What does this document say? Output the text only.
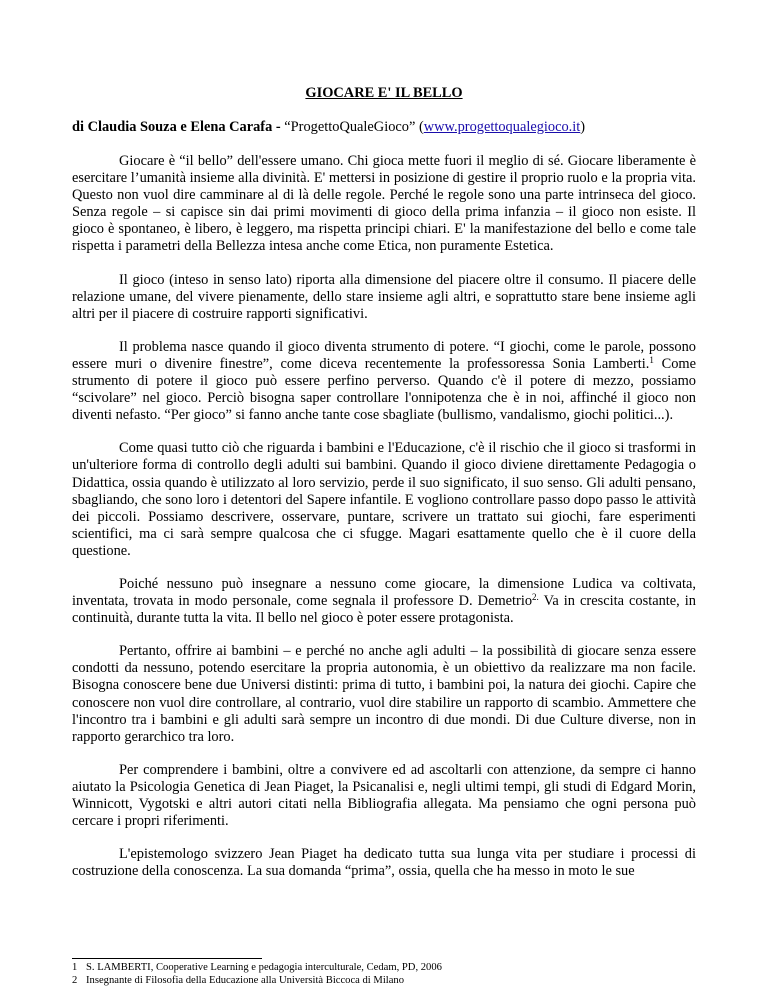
GIOCARE E' IL BELLO
di Claudia Souza e Elena Carafa - “ProgettoQualeGioco” (www.progettoqualegioco.it)

Giocare è “il bello” dell'essere umano. Chi gioca mette fuori il meglio di sé. Giocare liberamente è esercitare l’umanità insieme alla divinità. E' mettersi in posizione di gestire il proprio ruolo e la propria vita. Questo non vuol dire camminare al di là delle regole. Perché le regole sono una parte intrinseca del gioco. Senza regole – si capisce sin dai primi movimenti di gioco della prima infanzia – il gioco non esiste. Il gioco è spontaneo, è libero, è leggero, ma rispetta principi chiari. E' la manifestazione del bello e come tale rispetta i parametri della Bellezza intesa anche come Etica, non puramente Estetica.

Il gioco (inteso in senso lato) riporta alla dimensione del piacere oltre il consumo. Il piacere delle relazione umane, del vivere pienamente, dello stare insieme agli altri, e soprattutto stare bene insieme agli altri per il piacere di costruire rapporti significativi.

Il problema nasce quando il gioco diventa strumento di potere. “I giochi, come le parole, possono essere muri o divenire finestre”, come diceva recentemente la professoressa Sonia Lamberti.$^1$ Come strumento di potere il gioco può essere perfino perverso. Quando c'è il potere di mezzo, possiamo “scivolare” nel gioco. Perciò bisogna saper controllare l'onnipotenza che è in noi, affinché il gioco non diventi nefasto. “Per gioco” si fanno anche tante cose sbagliate (bullismo, vandalismo, giochi politici...).

Come quasi tutto ciò che riguarda i bambini e l'Educazione, c'è il rischio che il gioco si trasformi in un'ulteriore forma di controllo degli adulti sui bambini. Quando il gioco diviene direttamente Pedagogia o Didattica, ossia quando è utilizzato al loro servizio, perde il suo significato, il suo senso. Gli adulti pensano, sbagliando, che sono loro i detentori del Sapere infantile. E vogliono controllare passo dopo passo le attività dei piccoli. Possiamo descrivere, osservare, puntare, scrivere un trattato sui giochi, fare esperimenti scientifici, ma ci sarà sempre qualcosa che ci sfugge. Magari esattamente quello che è il cuore della questione.

Poiché nessuno può insegnare a nessuno come giocare, la dimensione Ludica va coltivata, inventata, trovata in modo personale, come segnala il professore D. Demetrio$^{2.}$ Va in crescita costante, in continuità, durante tutta la vita. Il bello nel gioco è poter essere protagonista.

Pertanto, offrire ai bambini – e perché no anche agli adulti – la possibilità di giocare senza essere condotti da nessuno, potendo esercitare la propria autonomia, è un obiettivo da realizzare ma non facile. Bisogna conoscere bene due Universi distinti: prima di tutto, i bambini poi, la natura dei giochi. Capire che conoscere non vuol dire controllare, al contrario, vuol dire stabilire un rapporto di scambio. Ammettere che l'incontro tra i bambini e gli adulti sarà sempre un incontro di due mondi. Di due Culture diverse, non in rapporto gerarchico tra loro.

Per comprendere i bambini, oltre a convivere ed ad ascoltarli con attenzione, da sempre ci hanno aiutato la Psicologia Genetica di Jean Piaget, la Psicanalisi e, negli ultimi tempi, gli studi di Edgard Morin, Winnicott, Vygotski e altri autori citati nella Bibliografia allegata. Ma pensiamo che ogni persona può cercare i propri riferimenti.

L'epistemologo svizzero Jean Piaget ha dedicato tutta sua lunga vita per studiare i processi di costruzione della conoscenza. La sua domanda “prima”, ossia, quella che ha messo in moto le sue

1 S. LAMBERTI, Cooperative Learning e pedagogia interculturale, Cedam, PD, 2006
2 Insegnante di Filosofia della Educazione alla Università Biccoca di Milano
